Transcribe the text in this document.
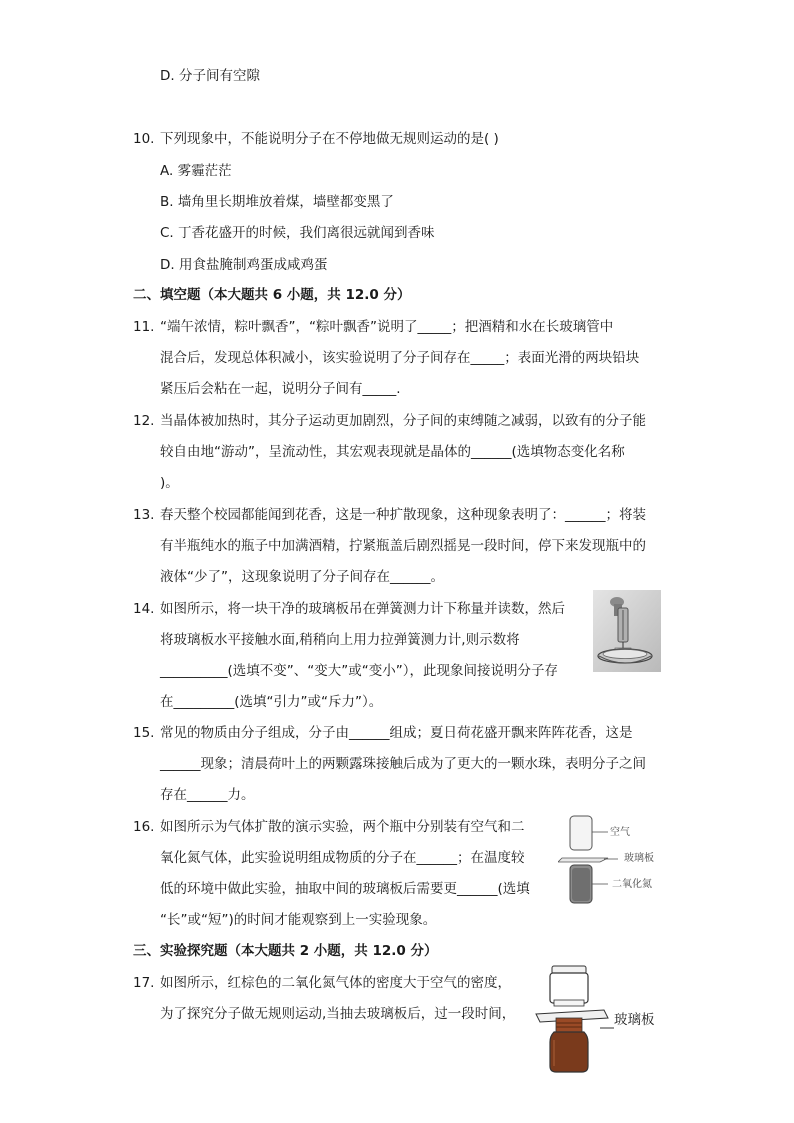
D. 分子间有空隙
10. 下列现象中，不能说明分子在不停地做无规则运动的是( )
A. 雾霾茫茫
B. 墙角里长期堆放着煤，墙壁都变黑了
C. 丁香花盛开的时候，我们离很远就闻到香味
D. 用食盐腌制鸡蛋成咸鸡蛋
二、填空题（本大题共 6 小题，共 12.0 分）
11. “端午浓情，粽叶飘香”，“粽叶飘香”说明了_____；把酒精和水在长玻璃管中
混合后，发现总体积减小，该实验说明了分子间存在_____；表面光滑的两块铅块
紧压后会粘在一起，说明分子间有_____.
12. 当晶体被加热时，其分子运动更加剧烈，分子间的束缚随之减弱，以致有的分子能
较自由地“游动”，呈流动性，其宏观表现就是晶体的______(选填物态变化名称
)。
13. 春天整个校园都能闻到花香，这是一种扩散现象，这种现象表明了：______；将装
有半瓶纯水的瓶子中加满酒精，拧紧瓶盖后剧烈摇晃一段时间，停下来发现瓶中的
液体“少了”，这现象说明了分子间存在______。
14. 如图所示，将一块干净的玻璃板吊在弹簧测力计下称量并读数，然后
将玻璃板水平接触水面,稍稍向上用力拉弹簧测力计,则示数将
__________(选填不变”、“变大”或“变小”），此现象间接说明分子存
在_________(选填“引力”或“斥力”）。
15. 常见的物质由分子组成，分子由______组成；夏日荷花盛开飘来阵阵花香，这是
______现象；清晨荷叶上的两颗露珠接触后成为了更大的一颗水珠，表明分子之间
存在______力。
16. 如图所示为气体扩散的演示实验，两个瓶中分别装有空气和二
氧化氮气体，此实验说明组成物质的分子在______；在温度较
低的环境中做此实验，抽取中间的玻璃板后需要更______(选填
“长”或“短”)的时间才能观察到上一实验现象。
空气
玻璃板
二氧化氮
三、实验探究题（本大题共 2 小题，共 12.0 分）
17. 如图所示，红棕色的二氧化氮气体的密度大于空气的密度，
为了探究分子做无规则运动,当抽去玻璃板后，过一段时间，	玻璃板
